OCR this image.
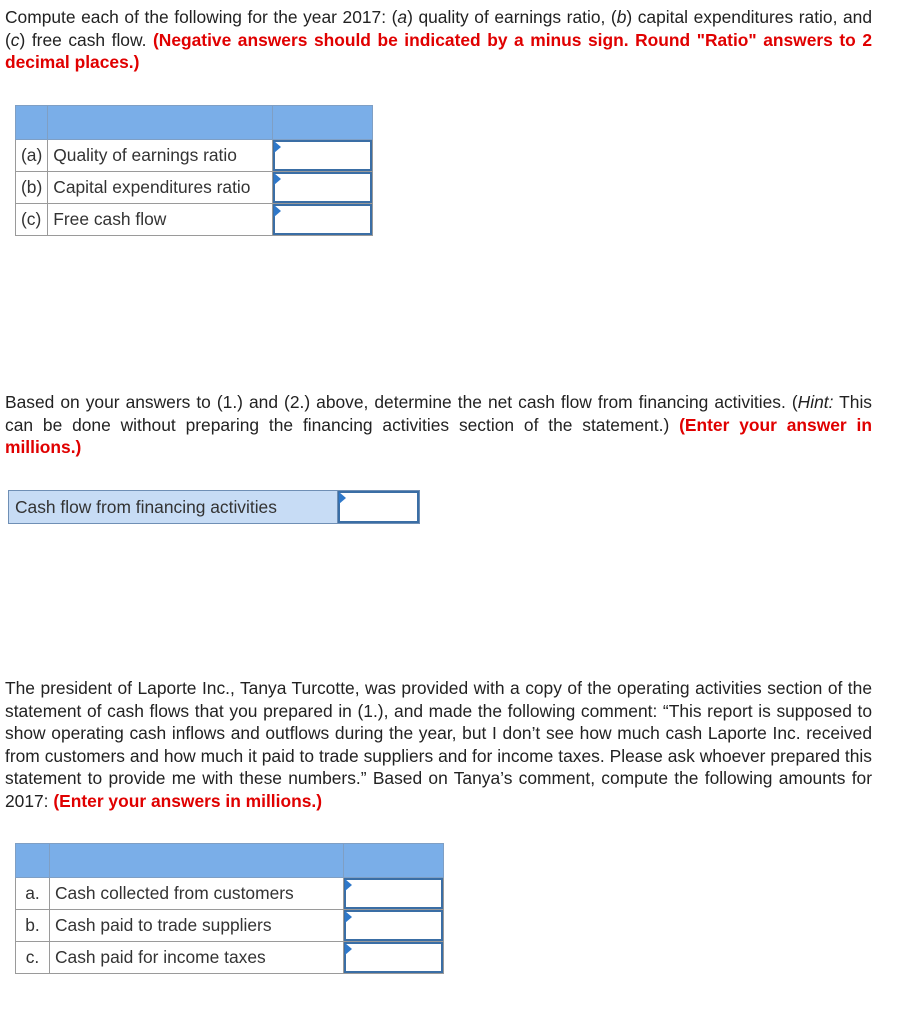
Compute each of the following for the year 2017: (a) quality of earnings ratio, (b) capital expenditures ratio, and (c) free cash flow. (Negative answers should be indicated by a minus sign. Round "Ratio" answers to 2 decimal places.)

(a)	Quality of earnings ratio	

(b)	Capital expenditures ratio	

(c)	Free cash flow	

Based on your answers to (1.) and (2.) above, determine the net cash flow from financing activities. (Hint: This can be done without preparing the financing activities section of the statement.) (Enter your answer in millions.)

Cash flow from financing activities

The president of Laporte Inc., Tanya Turcotte, was provided with a copy of the operating activities section of the statement of cash flows that you prepared in (1.), and made the following comment: “This report is supposed to show operating cash inflows and outflows during the year, but I don’t see how much cash Laporte Inc. received from customers and how much it paid to trade suppliers and for income taxes. Please ask whoever prepared this statement to provide me with these numbers.” Based on Tanya’s comment, compute the following amounts for 2017: (Enter your answers in millions.)

a.	Cash collected from customers	

b.	Cash paid to trade suppliers	

c.	Cash paid for income taxes	
